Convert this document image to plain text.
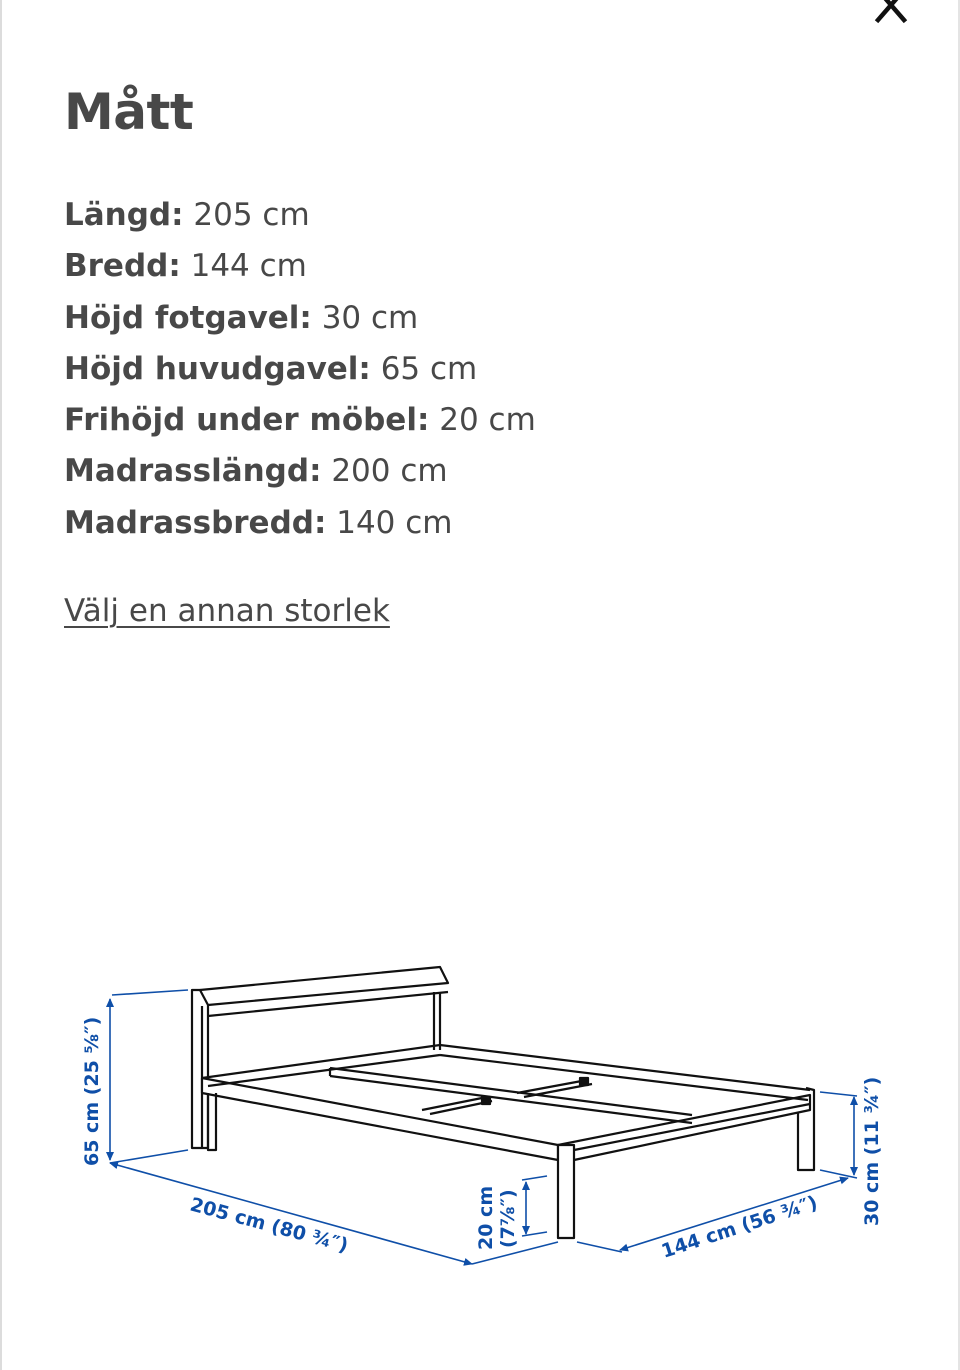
Mått
Längd: 205 cm
Bredd: 144 cm
Höjd fotgavel: 30 cm
Höjd huvudgavel: 65 cm
Frihöjd under möbel: 20 cm
Madrasslängd: 200 cm
Madrassbredd: 140 cm
Välj en annan storlek
65 cm (25 ⅝″)
205 cm (80 ¾″)	20 cm (7⅞″)	144 cm (56 ¾″)
30 cm (11 ¾″)
